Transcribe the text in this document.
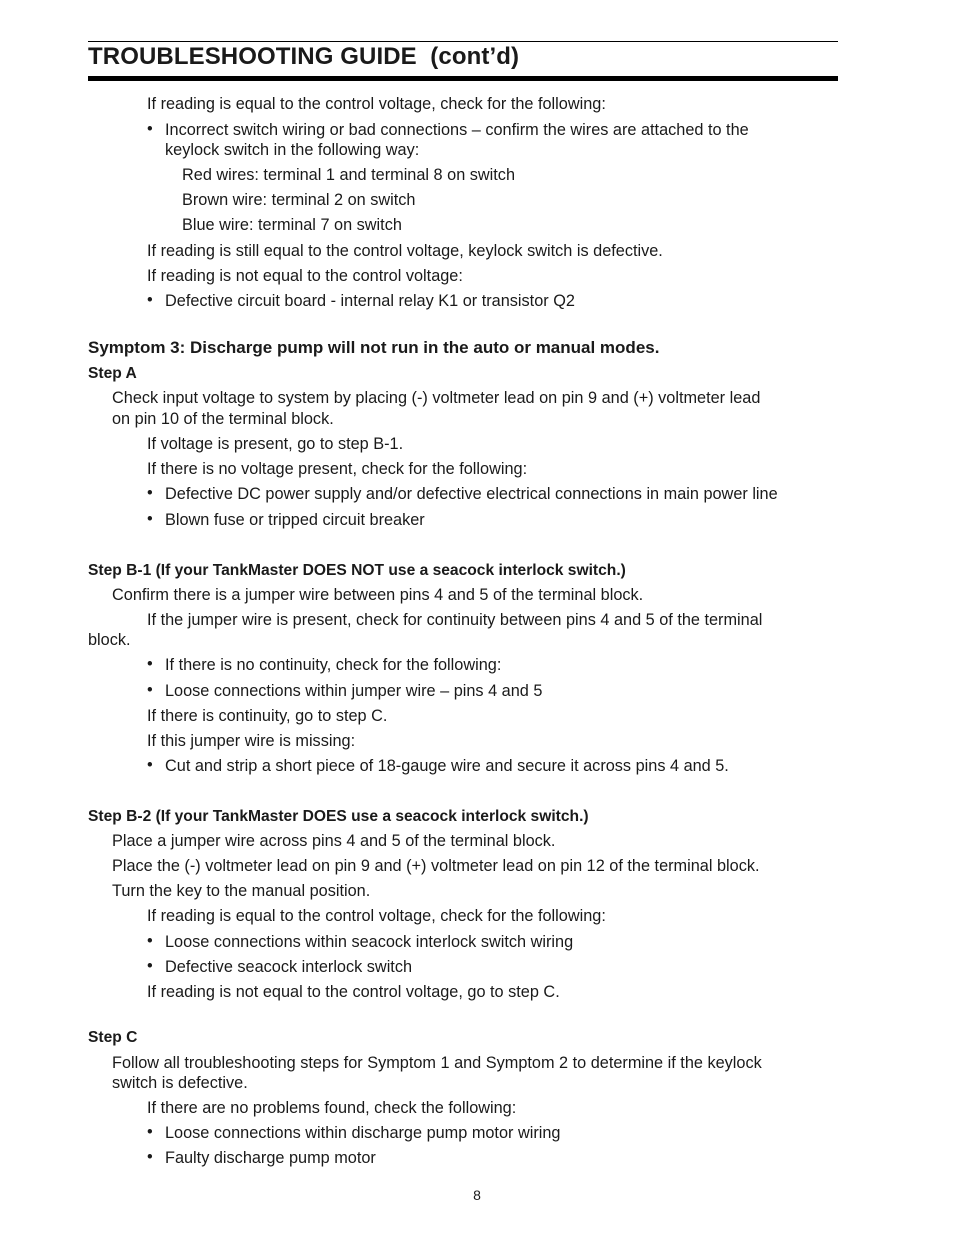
TROUBLESHOOTING GUIDE  (cont’d)
If reading is equal to the control voltage, check for the following:
• Incorrect switch wiring or bad connections – confirm the wires are attached to the
keylock switch in the following way:
Red wires: terminal 1 and terminal 8 on switch
Brown wire: terminal 2 on switch
Blue wire: terminal 7 on switch
If reading is still equal to the control voltage, keylock switch is defective.
If reading is not equal to the control voltage:
• Defective circuit board - internal relay K1 or transistor Q2
Symptom 3: Discharge pump will not run in the auto or manual modes.
Step A
Check input voltage to system by placing (-) voltmeter lead on pin 9 and (+) voltmeter lead
on pin 10 of the terminal block.
If voltage is present, go to step B-1.
If there is no voltage present, check for the following:
• Defective DC power supply and/or defective electrical connections in main power line
• Blown fuse or tripped circuit breaker
Step B-1 (If your TankMaster DOES NOT use a seacock interlock switch.)
Confirm there is a jumper wire between pins 4 and 5 of the terminal block.
If the jumper wire is present, check for continuity between pins 4 and 5 of the terminal
block.
• If there is no continuity, check for the following:
• Loose connections within jumper wire – pins 4 and 5
If there is continuity, go to step C.
If this jumper wire is missing:
• Cut and strip a short piece of 18-gauge wire and secure it across pins 4 and 5.
Step B-2 (If your TankMaster DOES use a seacock interlock switch.)
Place a jumper wire across pins 4 and 5 of the terminal block.
Place the (-) voltmeter lead on pin 9 and (+) voltmeter lead on pin 12 of the terminal block.
Turn the key to the manual position.
If reading is equal to the control voltage, check for the following:
• Loose connections within seacock interlock switch wiring
• Defective seacock interlock switch
If reading is not equal to the control voltage, go to step C.
Step C
Follow all troubleshooting steps for Symptom 1 and Symptom 2 to determine if the keylock
switch is defective.
If there are no problems found, check the following:
• Loose connections within discharge pump motor wiring
• Faulty discharge pump motor
8
